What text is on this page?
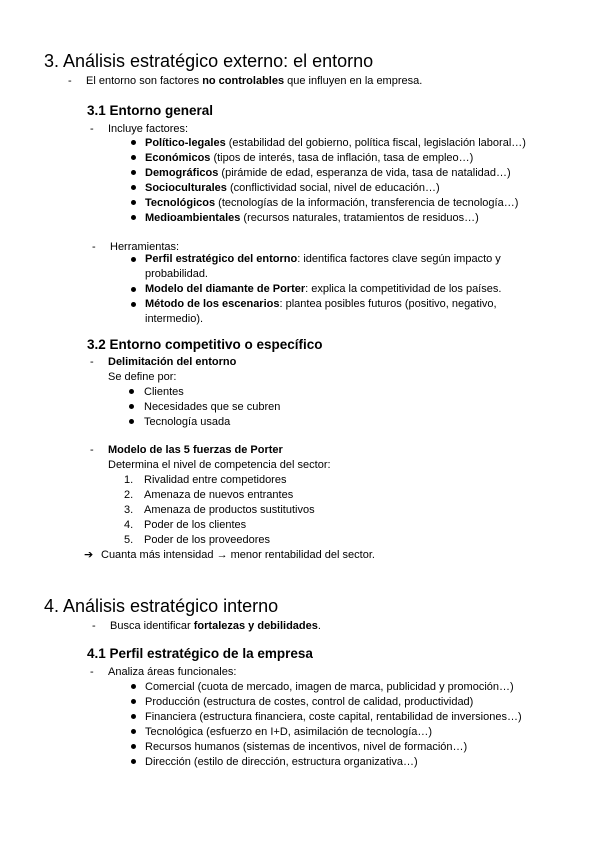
3. Análisis estratégico externo: el entorno
- El entorno son factores no controlables que influyen en la empresa.
3.1 Entorno general
- Incluye factores:
Político-legales (estabilidad del gobierno, política fiscal, legislación laboral…)
Económicos (tipos de interés, tasa de inflación, tasa de empleo…)
Demográficos (pirámide de edad, esperanza de vida, tasa de natalidad…)
Socioculturales (conflictividad social, nivel de educación…)
Tecnológicos (tecnologías de la información, transferencia de tecnología…)
Medioambientales (recursos naturales, tratamientos de residuos…)
- Herramientas:
Perfil estratégico del entorno: identifica factores clave según impacto y probabilidad.
Modelo del diamante de Porter: explica la competitividad de los países.
Método de los escenarios: plantea posibles futuros (positivo, negativo, intermedio).
3.2 Entorno competitivo o específico
- Delimitación del entorno
Se define por:
Clientes
Necesidades que se cubren
Tecnología usada
- Modelo de las 5 fuerzas de Porter
Determina el nivel de competencia del sector:
1. Rivalidad entre competidores
2. Amenaza de nuevos entrantes
3. Amenaza de productos sustitutivos
4. Poder de los clientes
5. Poder de los proveedores
➔ Cuanta más intensidad → menor rentabilidad del sector.
4. Análisis estratégico interno
- Busca identificar fortalezas y debilidades.
4.1 Perfil estratégico de la empresa
- Analiza áreas funcionales:
Comercial (cuota de mercado, imagen de marca, publicidad y promoción…)
Producción (estructura de costes, control de calidad, productividad)
Financiera (estructura financiera, coste capital, rentabilidad de inversiones…)
Tecnológica (esfuerzo en I+D, asimilación de tecnología…)
Recursos humanos (sistemas de incentivos, nivel de formación…)
Dirección (estilo de dirección, estructura organizativa…)
